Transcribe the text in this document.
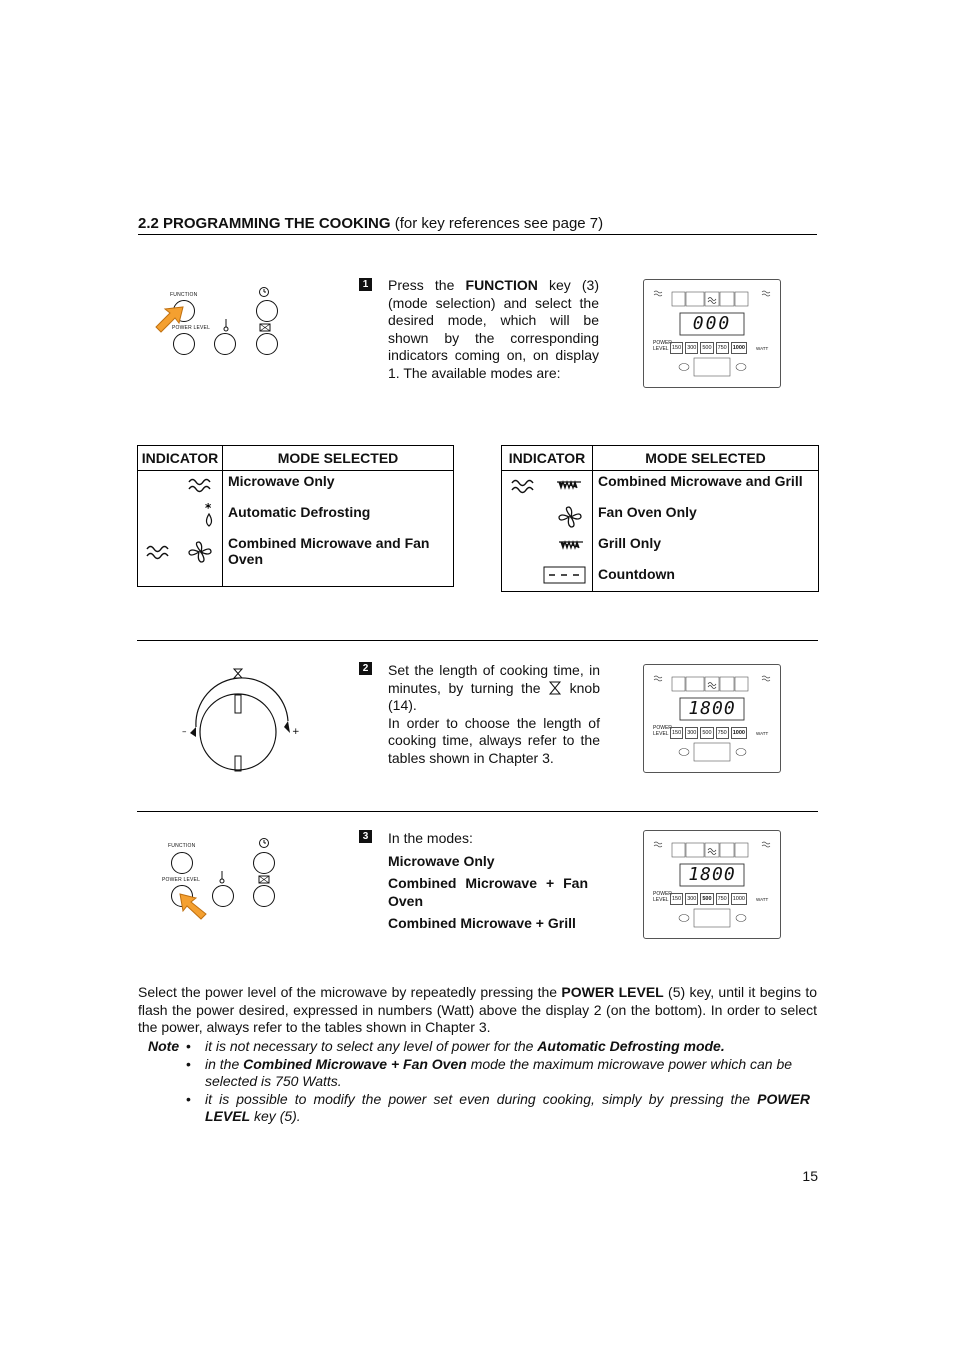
2.2 PROGRAMMING THE COOKING (for key references see page 7)
FUNCTION
POWER LEVEL
1 Press the FUNCTION key (3) (mode selection) and select the desired mode, which will be shown by the corresponding indicators coming on, on display 1. The available modes are:
000
POWER
LEVEL 150 300 500 750 1000	WATT
INDICATOR	MODE SELECTED
	Microwave Only

*	Automatic Defrosting
	Combined Microwave and Fan Oven
INDICATOR	MODE SELECTED
	Combined Microwave and Grill
	Fan Oven Only
	Grill Only
	Countdown
–	+
2 Set the length of cooking time, in minutes, by turning the  knob (14).
In order to choose the length of cooking time, always refer to the tables shown in Chapter 3.
1800
POWER
LEVEL 150 300 500 750 1000	WATT
FUNCTION
POWER LEVEL
3 In the modes:
Microwave Only
Combined Microwave + Fan Oven
Combined Microwave + Grill
1800
POWER
LEVEL 150 300 500 750 1000	WATT
Select the power level of the microwave by repeatedly pressing the POWER LEVEL (5) key, until it begins to flash the power desired, expressed in numbers (Watt) above the display 2 (on the bottom). In order to select the power, always refer to the tables shown in Chapter 3.
Note • it is not necessary to select any level of power for the Automatic Defrosting mode.
• in the Combined Microwave + Fan Oven mode the maximum microwave power which can be selected is 750 Watts.
• it is possible to modify the power set even during cooking, simply by pressing the POWER LEVEL key (5).
15
